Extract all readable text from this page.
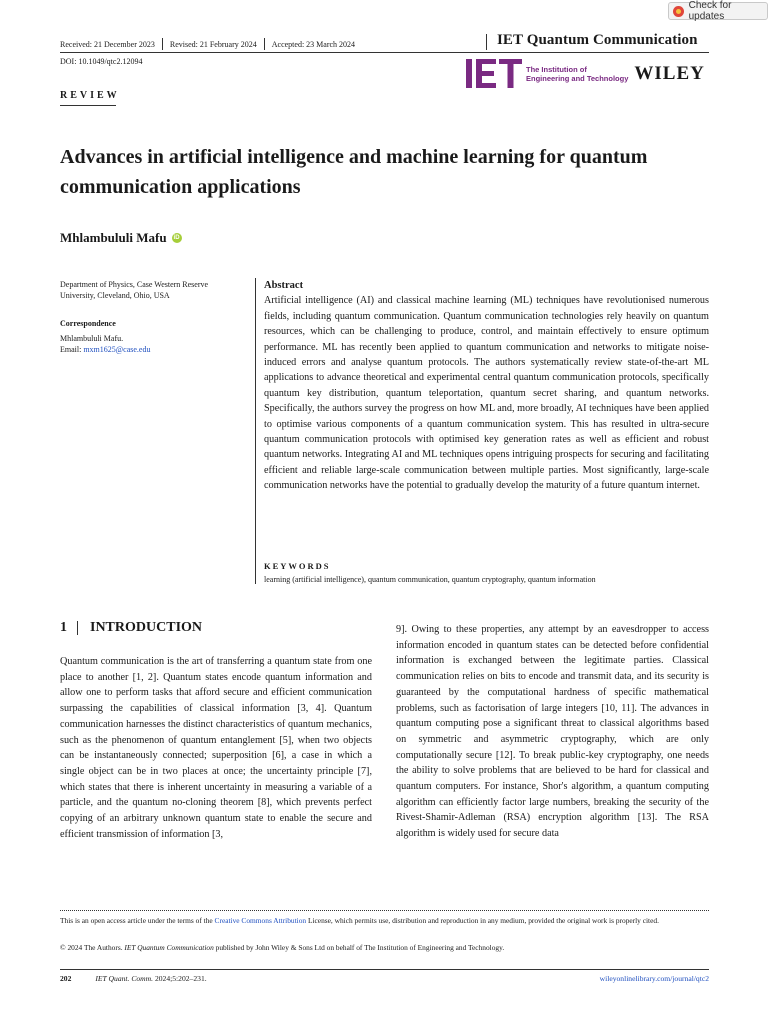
Check for updates
Received: 21 December 2023 Revised: 21 February 2024 Accepted: 23 March 2024	IET Quantum Communication
DOI: 10.1049/qtc2.12094
The Institution of
Engineering and Technology WILEY
REVIEW
Advances in artificial intelligence and machine learning for quantum communication applications
Mhlambululi Mafu	iD
Department of Physics, Case Western Reserve University, Cleveland, Ohio, USA
Correspondence
Mhlambululi Mafu.
Email: mxm1625@case.edu
Abstract
Artificial intelligence (AI) and classical machine learning (ML) techniques have revolutionised numerous fields, including quantum communication. Quantum communication technologies rely heavily on quantum resources, which can be challenging to produce, control, and maintain effectively to ensure optimum performance. ML has recently been applied to quantum communication and networks to mitigate noise-induced errors and analyse quantum protocols. The authors systematically review state-of-the-art ML applications to advance theoretical and experimental central quantum communication protocols, specifically quantum key distribution, quantum teleportation, quantum secret sharing, and quantum networks. Specifically, the authors survey the progress on how ML and, more broadly, AI techniques have been applied to optimise various components of a quantum communication system. This has resulted in ultra-secure quantum communication protocols with optimised key generation rates as well as efficient and robust quantum networks. Integrating AI and ML techniques opens intriguing prospects for securing and facilitating efficient and reliable large-scale communication between multiple parties. Most significantly, large-scale communication networks have the potential to gradually develop the maturity of a future quantum internet.
KEYWORDS
learning (artificial intelligence), quantum communication, quantum cryptography, quantum information
1 INTRODUCTION
Quantum communication is the art of transferring a quantum state from one place to another [1, 2]. Quantum states encode quantum information and allow one to perform tasks that afford secure and efficient communication surpassing the capabilities of classical information [3, 4]. Quantum communication harnesses the distinct characteristics of quantum mechanics, such as the phenomenon of quantum entanglement [5], when two objects can be instantaneously connected; superposition [6], a case in which a single object can be in two places at once; the uncertainty principle [7], which states that there is inherent uncertainty in measuring a variable of a particle, and the quantum no-cloning theorem [8], which prevents perfect copying of an arbitrary unknown quantum state to enable the secure and efficient transmission of information [3,
9]. Owing to these properties, any attempt by an eavesdropper to access information encoded in quantum states can be detected before confidential information is exchanged between the legitimate parties. Classical communication relies on bits to encode and transmit data, and its security is guaranteed by the computational hardness of specific mathematical problems, such as factorisation of large integers [10, 11]. The advances in quantum computing pose a significant threat to classical algorithms based on symmetric and asymmetric cryptography, which are only computationally secure [12]. To break public-key cryptography, one needs the ability to solve problems that are believed to be hard for classical and quantum computers. For instance, Shor's algorithm, a quantum computing algorithm can efficiently factor large numbers, breaking the security of the Rivest-Shamir-Adleman (RSA) encryption algorithm [13]. The RSA algorithm is widely used for secure data
This is an open access article under the terms of the Creative Commons Attribution License, which permits use, distribution and reproduction in any medium, provided the original work is properly cited.
© 2024 The Authors. IET Quantum Communication published by John Wiley & Sons Ltd on behalf of The Institution of Engineering and Technology.
202	IET Quant. Comm. 2024;5:202–231.	wileyonlinelibrary.com/journal/qtc2
